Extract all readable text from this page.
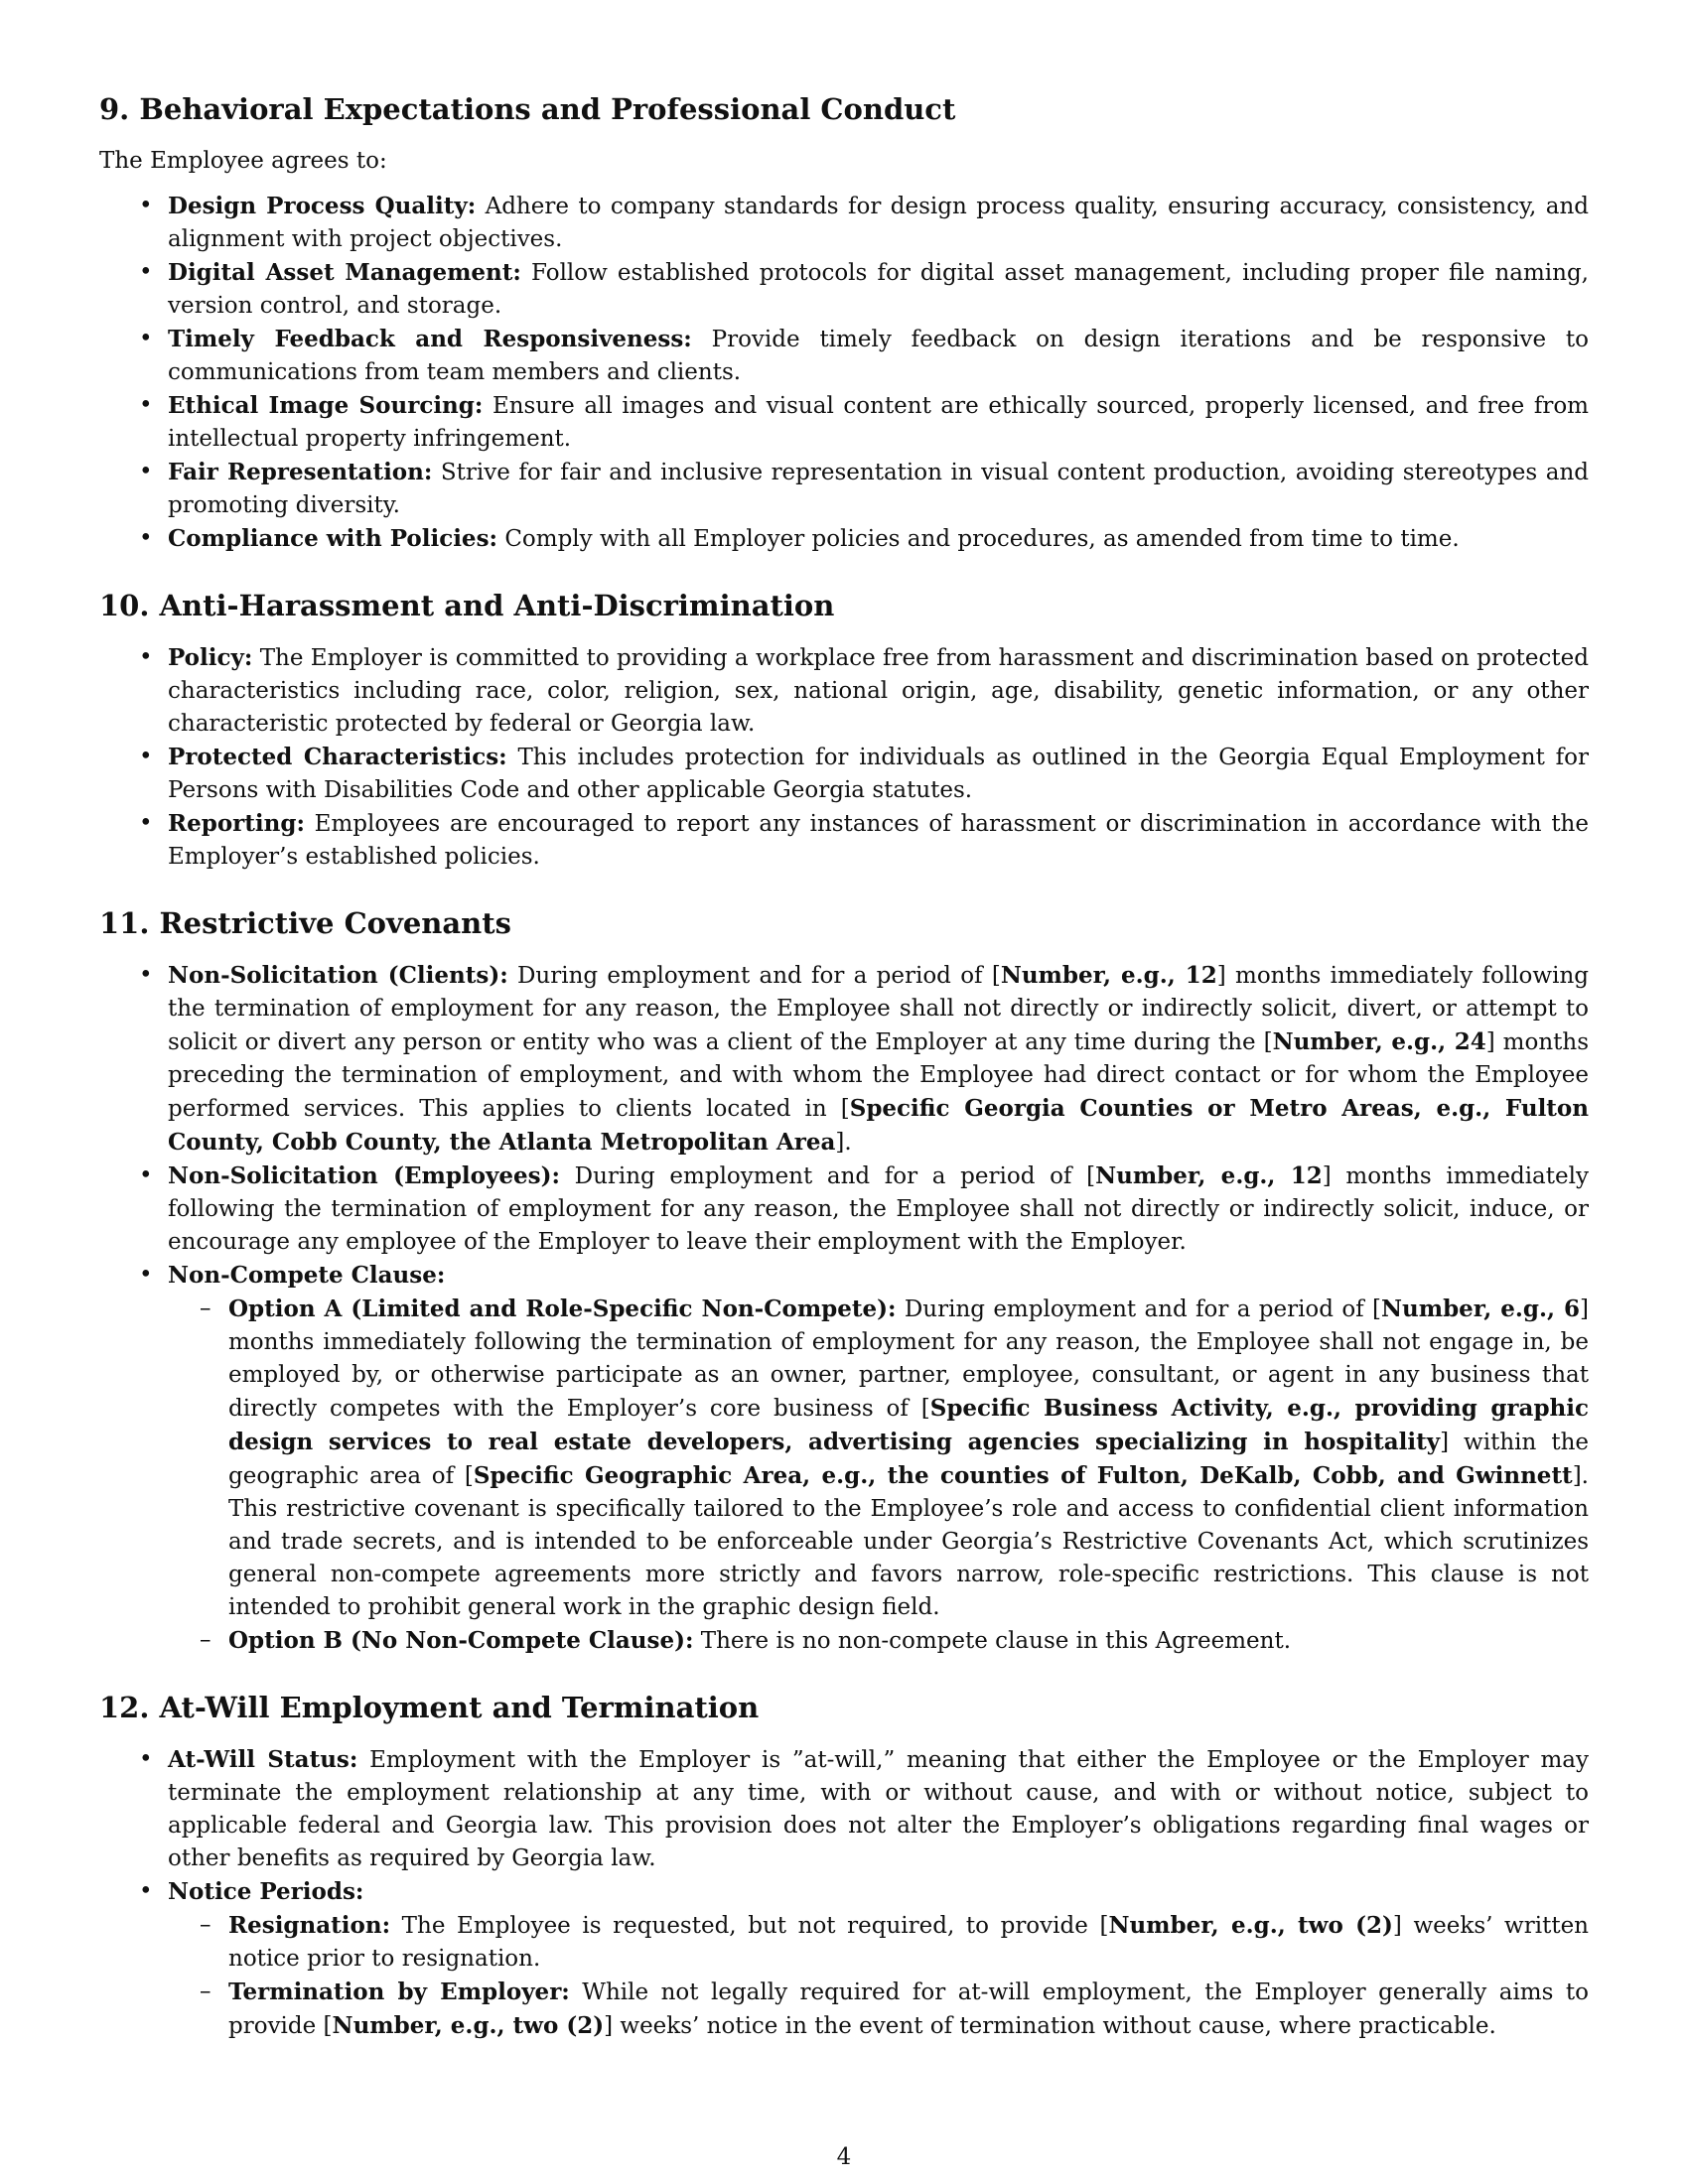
9. Behavioral Expectations and Professional Conduct

The Employee agrees to:

• Design Process Quality: Adhere to company standards for design process quality, ensuring accuracy, consistency, and alignment with project objectives.
• Digital Asset Management: Follow established protocols for digital asset management, including proper file naming, version control, and storage.
• Timely Feedback and Responsiveness: Provide timely feedback on design iterations and be responsive to communications from team members and clients.
• Ethical Image Sourcing: Ensure all images and visual content are ethically sourced, properly licensed, and free from intellectual property infringement.
• Fair Representation: Strive for fair and inclusive representation in visual content production, avoiding stereotypes and promoting diversity.
• Compliance with Policies: Comply with all Employer policies and procedures, as amended from time to time.
10. Anti-Harassment and Anti-Discrimination
• Policy: The Employer is committed to providing a workplace free from harassment and discrimination based on protected characteristics including race, color, religion, sex, national origin, age, disability, genetic information, or any other characteristic protected by federal or Georgia law.
• Protected Characteristics: This includes protection for individuals as outlined in the Georgia Equal Employment for Persons with Disabilities Code and other applicable Georgia statutes.
• Reporting: Employees are encouraged to report any instances of harassment or discrimination in accordance with the Employer’s established policies.
11. Restrictive Covenants
• Non-Solicitation (Clients): During employment and for a period of [Number, e.g., 12] months immediately following the termination of employment for any reason, the Employee shall not directly or indirectly solicit, divert, or attempt to solicit or divert any person or entity who was a client of the Employer at any time during the [Number, e.g., 24] months preceding the termination of employment, and with whom the Employee had direct contact or for whom the Employee performed services. This applies to clients located in [Specific Georgia Counties or Metro Areas, e.g., Fulton County, Cobb County, the Atlanta Metropolitan Area].
• Non-Solicitation (Employees): During employment and for a period of [Number, e.g., 12] months immediately following the termination of employment for any reason, the Employee shall not directly or indirectly solicit, induce, or encourage any employee of the Employer to leave their employment with the Employer.
• Non-Compete Clause:
– Option A (Limited and Role-Specific Non-Compete): During employment and for a period of [Number, e.g., 6] months immediately following the termination of employment for any reason, the Employee shall not engage in, be employed by, or otherwise participate as an owner, partner, employee, consultant, or agent in any business that directly competes with the Employer’s core business of [Specific Business Activity, e.g., providing graphic design services to real estate developers, advertising agencies specializing in hospitality] within the geographic area of [Specific Geographic Area, e.g., the counties of Fulton, DeKalb, Cobb, and Gwinnett]. This restrictive covenant is specifically tailored to the Employee’s role and access to confidential client information and trade secrets, and is intended to be enforceable under Georgia’s Restrictive Covenants Act, which scrutinizes general non-compete agreements more strictly and favors narrow, role-specific restrictions. This clause is not intended to prohibit general work in the graphic design field.
– Option B (No Non-Compete Clause): There is no non-compete clause in this Agreement.
12. At-Will Employment and Termination
• At-Will Status: Employment with the Employer is ”at-will,” meaning that either the Employee or the Employer may terminate the employment relationship at any time, with or without cause, and with or without notice, subject to applicable federal and Georgia law. This provision does not alter the Employer’s obligations regarding final wages or other benefits as required by Georgia law.
• Notice Periods:
– Resignation: The Employee is requested, but not required, to provide [Number, e.g., two (2)] weeks’ written notice prior to resignation.
– Termination by Employer: While not legally required for at-will employment, the Employer generally aims to provide [Number, e.g., two (2)] weeks’ notice in the event of termination without cause, where practicable.
4
